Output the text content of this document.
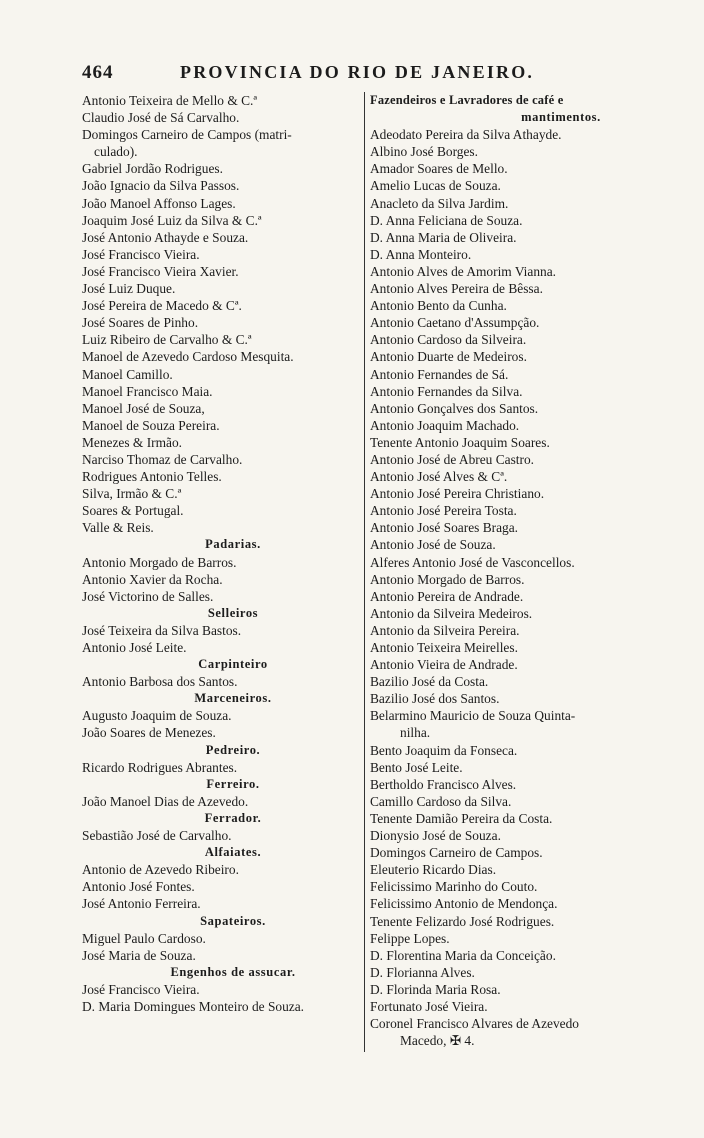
464	PROVINCIA DO RIO DE JANEIRO.
Antonio Teixeira de Mello & C.ª
Claudio José de Sá Carvalho.
Domingos Carneiro de Campos (matri-
culado).
Gabriel Jordão Rodrigues.
João Ignacio da Silva Passos.
João Manoel Affonso Lages.
Joaquim José Luiz da Silva & C.ª
José Antonio Athayde e Souza.
José Francisco Vieira.
José Francisco Vieira Xavier.
José Luiz Duque.
José Pereira de Macedo & Cª.
José Soares de Pinho.
Luiz Ribeiro de Carvalho & C.ª
Manoel de Azevedo Cardoso Mesquita.
Manoel Camillo.
Manoel Francisco Maia.
Manoel José de Souza,
Manoel de Souza Pereira.
Menezes & Irmão.
Narciso Thomaz de Carvalho.
Rodrigues Antonio Telles.
Silva, Irmão & C.ª
Soares & Portugal.
Valle & Reis.
Padarias.
Antonio Morgado de Barros.
Antonio Xavier da Rocha.
José Victorino de Salles.
Selleiros
José Teixeira da Silva Bastos.
Antonio José Leite.
Carpinteiro
Antonio Barbosa dos Santos.
Marceneiros.
Augusto Joaquim de Souza.
João Soares de Menezes.
Pedreiro.
Ricardo Rodrigues Abrantes.
Ferreiro.
João Manoel Dias de Azevedo.
Ferrador.
Sebastião José de Carvalho.
Alfaiates.
Antonio de Azevedo Ribeiro.
Antonio José Fontes.
José Antonio Ferreira.
Sapateiros.
Miguel Paulo Cardoso.
José Maria de Souza.
Engenhos de assucar.
José Francisco Vieira.
D. Maria Domingues Monteiro de Souza.
Fazendeiros e Lavradores de café e
mantimentos.
Adeodato Pereira da Silva Athayde.
Albino José Borges.
Amador Soares de Mello.
Amelio Lucas de Souza.
Anacleto da Silva Jardim.
D. Anna Feliciana de Souza.
D. Anna Maria de Oliveira.
D. Anna Monteiro.
Antonio Alves de Amorim Vianna.
Antonio Alves Pereira de Bêssa.
Antonio Bento da Cunha.
Antonio Caetano d'Assumpção.
Antonio Cardoso da Silveira.
Antonio Duarte de Medeiros.
Antonio Fernandes de Sá.
Antonio Fernandes da Silva.
Antonio Gonçalves dos Santos.
Antonio Joaquim Machado.
Tenente Antonio Joaquim Soares.
Antonio José de Abreu Castro.
Antonio José Alves & Cª.
Antonio José Pereira Christiano.
Antonio José Pereira Tosta.
Antonio José Soares Braga.
Antonio José de Souza.
Alferes Antonio José de Vasconcellos.
Antonio Morgado de Barros.
Antonio Pereira de Andrade.
Antonio da Silveira Medeiros.
Antonio da Silveira Pereira.
Antonio Teixeira Meirelles.
Antonio Vieira de Andrade.
Bazilio José da Costa.
Bazilio José dos Santos.
Belarmino Mauricio de Souza Quinta-
nilha.
Bento Joaquim da Fonseca.
Bento José Leite.
Bertholdo Francisco Alves.
Camillo Cardoso da Silva.
Tenente Damião Pereira da Costa.
Dionysio José de Souza.
Domingos Carneiro de Campos.
Eleuterio Ricardo Dias.
Felicissimo Marinho do Couto.
Felicissimo Antonio de Mendonça.
Tenente Felizardo José Rodrigues.
Felippe Lopes.
D. Florentina Maria da Conceição.
D. Florianna Alves.
D. Florinda Maria Rosa.
Fortunato José Vieira.
Coronel Francisco Alvares de Azevedo
Macedo, ✠ 4.
